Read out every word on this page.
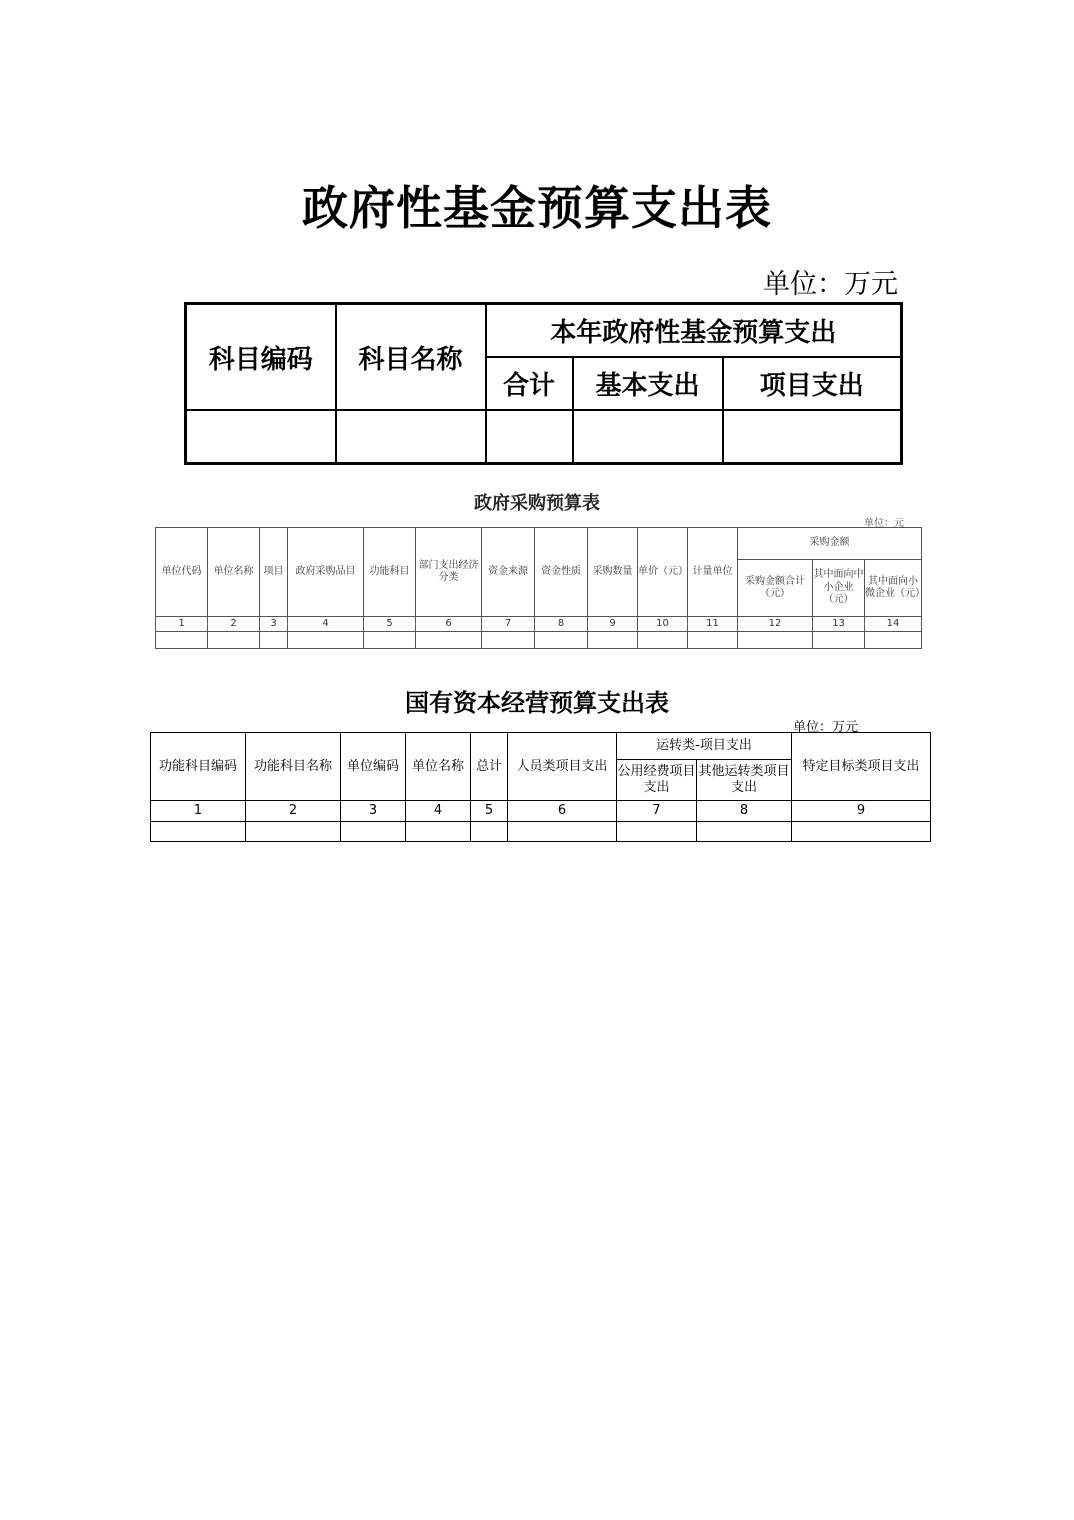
政府性基金预算支出表
单位：万元
科目编码	科目名称	本年政府性基金预算支出		
		合计	基本支出	项目支出

政府采购预算表
单位：元
单位代码	单位名称	项目	政府采购品目	功能科目	部门支出经济分类	资金来源	资金性质	采购数量	单价（元）	计量单位	采购金额		
											采购金额合计（元）	其中面向中小企业（元）	其中面向小微企业（元）
1	2	3	4	5	6	7	8	9	10	11	12	13	14

国有资本经营预算支出表
单位：万元
功能科目编码	功能科目名称	单位编码	单位名称	总计	人员类项目支出	运转类-项目支出		特定目标类项目支出
						公用经费项目支出	其他运转类项目支出	
1	2	3	4	5	6	7	8	9
